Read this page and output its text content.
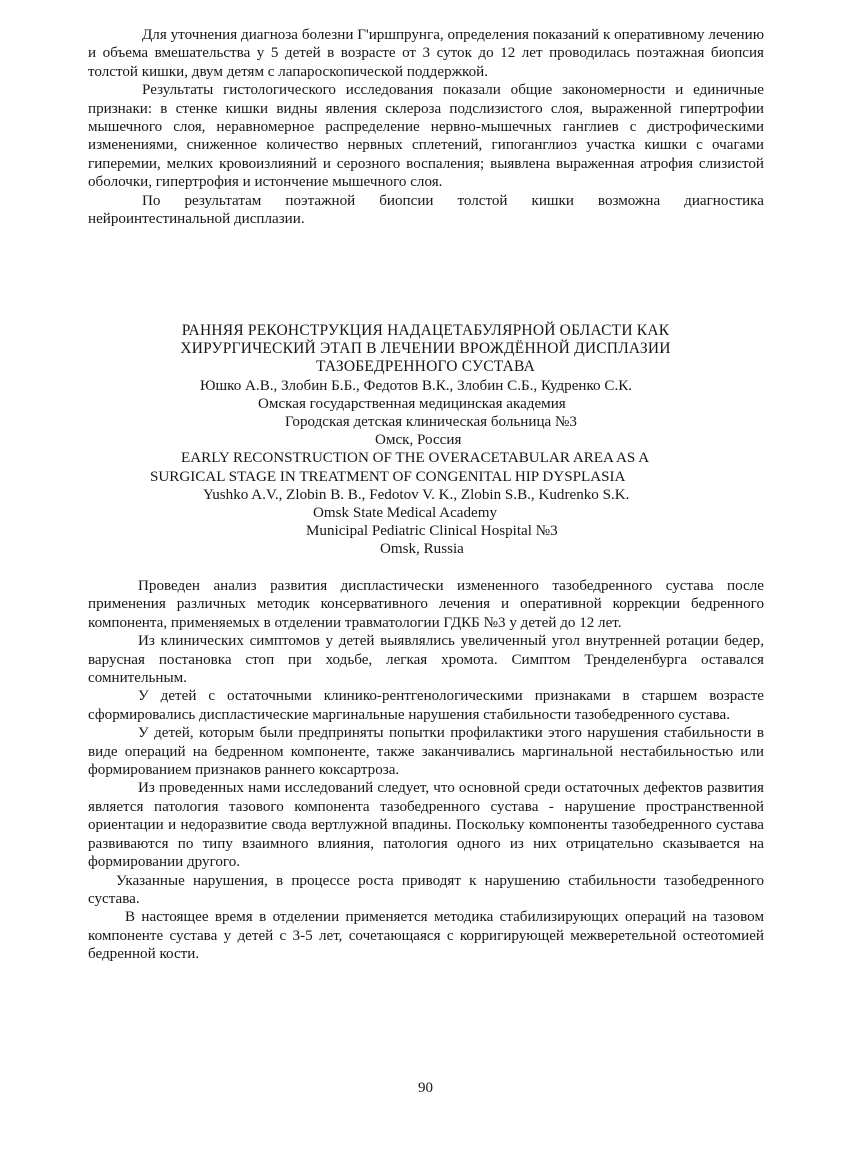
Для уточнения диагноза болезни Г'иршпрунга, определения показаний к оперативному лечению и объема вмешательства у 5 детей в возрасте от 3 суток до 12 лет проводилась поэтажная биопсия толстой кишки, двум детям с лапароскопической поддержкой.

Результаты гистологического исследования показали общие закономерности и единичные признаки: в стенке кишки видны явления склероза подслизистого слоя, выраженной гипертрофии мышечного слоя, неравномерное распределение нервно-мышечных ганглиев с дистрофическими изменениями, сниженное количество нервных сплетений, гипоганглиоз участка кишки с очагами гиперемии, мелких кровоизлияний и серозного воспаления; выявлена выраженная атрофия слизистой оболочки, гипертрофия и истончение мышечного слоя.

По результатам поэтажной биопсии толстой кишки возможна диагностика нейроинтестинальной дисплазии.

РАННЯЯ РЕКОНСТРУКЦИЯ НАДАЦЕТАБУЛЯРНОЙ ОБЛАСТИ КАК
ХИРУРГИЧЕСКИЙ ЭТАП В ЛЕЧЕНИИ ВРОЖДЁННОЙ ДИСПЛАЗИИ
ТАЗОБЕДРЕННОГО СУСТАВА
Юшко А.В., Злобин Б.Б., Федотов В.К., Злобин С.Б., Кудренко С.К.
Омская государственная медицинская академия
Городская детская клиническая больница №3
Омск, Россия
EARLY RECONSTRUCTION OF THE OVERACETABULAR AREA AS A
SURGICAL STAGE IN TREATMENT OF CONGENITAL HIP DYSPLASIA
Yushko A.V., Zlobin B. B., Fedotov V. K., Zlobin S.B., Kudrenko S.K.
Omsk State Medical Academy
Municipal Pediatric Clinical Hospital №3
Omsk, Russia

Проведен анализ развития диспластически измененного тазобедренного сустава после применения различных методик консервативного лечения и оперативной коррекции бедренного компонента, применяемых в отделении травматологии ГДКБ №3 у детей до 12 лет.

Из клинических симптомов у детей выявлялись увеличенный угол внутренней ротации бедер, варусная постановка стоп при ходьбе, легкая хромота. Симптом Тренделенбурга оставался сомнительным.

У детей с остаточными клинико-рентгенологическими признаками в старшем возрасте сформировались диспластические маргинальные нарушения стабильности тазобедренного сустава.

У детей, которым были предприняты попытки профилактики этого нарушения стабильности в виде операций на бедренном компоненте, также заканчивались маргинальной нестабильностью или формированием признаков раннего коксартроза.

Из проведенных нами исследований следует, что основной среди остаточных дефектов развития является патология тазового компонента тазобедренного сустава - нарушение пространственной ориентации и недоразвитие свода вертлужной впадины. Поскольку компоненты тазобедренного сустава развиваются по типу взаимного влияния, патология одного из них отрицательно сказывается на формировании другого.

Указанные нарушения, в процессе роста приводят к нарушению стабильности тазобедренного сустава.

В настоящее время в отделении применяется методика стабилизирующих операций на тазовом компоненте сустава у детей с 3-5 лет, сочетающаяся с корригирующей межверетельной остеотомией бедренной кости.

90
